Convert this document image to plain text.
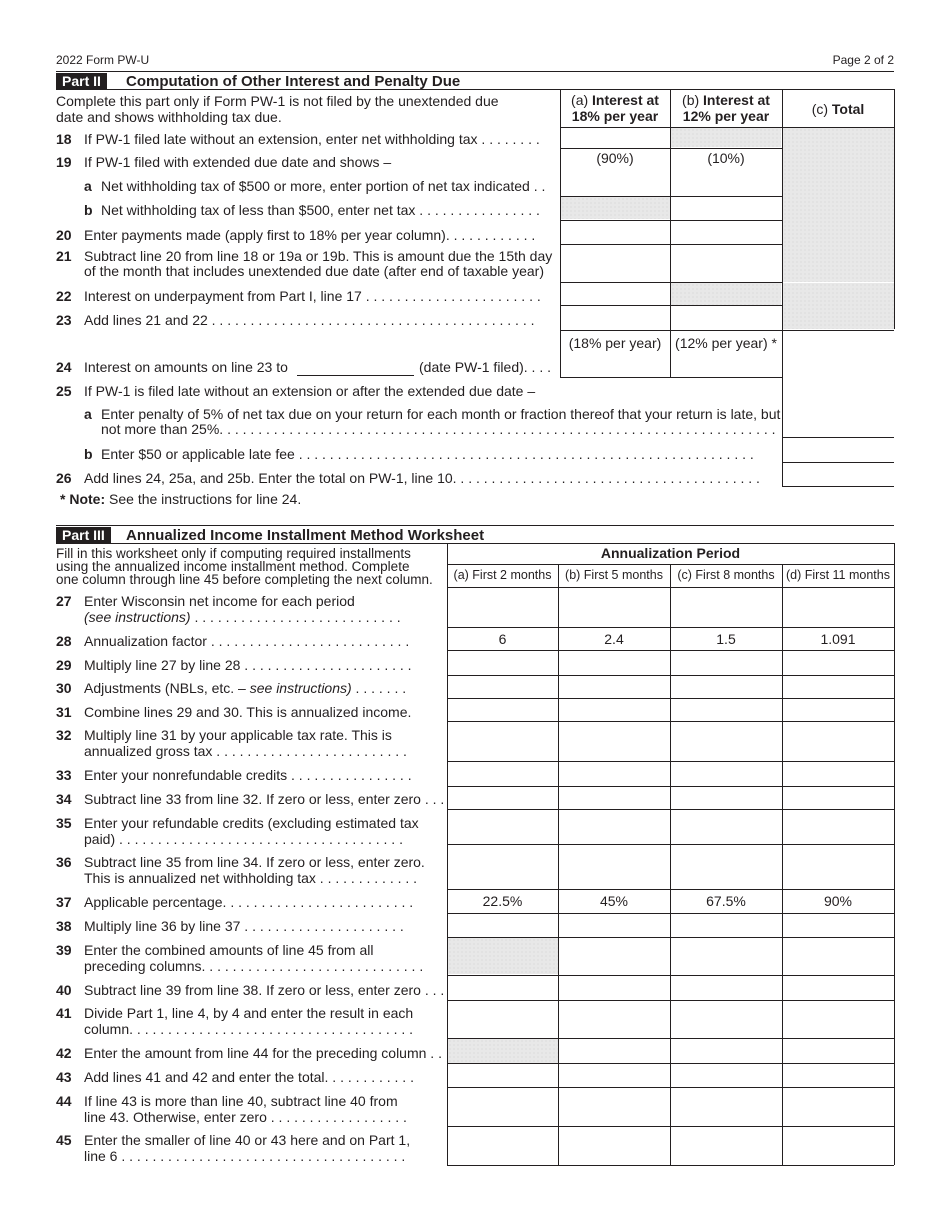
2022 Form PW-U	Page 2 of 2
Part II	Computation of Other Interest and Penalty Due
Complete this part only if Form PW-1 is not filed by the unextended due
date and shows withholding tax due.
(a) Interest at
18% per year
(b) Interest at
12% per year	(c) Total
18 If PW-1 filed late without an extension, enter net withholding tax . . . . . . . .
19 If PW-1 filed with extended due date and shows –	(90%)	(10%)
a Net withholding tax of $500 or more, enter portion of net tax indicated . .
b Net withholding tax of less than $500, enter net tax . . . . . . . . . . . . . . . .
20 Enter payments made (apply first to 18% per year column). . . . . . . . . . . .
21 Subtract line 20 from line 18 or 19a or 19b. This is amount due the 15th day
of the month that includes unextended due date (after end of taxable year)
22 Interest on underpayment from Part I, line 17 . . . . . . . . . . . . . . . . . . . . . . .
23 Add lines 21 and 22 . . . . . . . . . . . . . . . . . . . . . . . . . . . . . . . . . . . . . . . . . .
(18% per year) (12% per year) *
24 Interest on amounts on line 23 to	(date PW-1 filed). . . .
25 If PW-1 is filed late without an extension or after the extended due date –
a Enter penalty of 5% of net tax due on your return for each month or fraction thereof that your return is late, but
not more than 25%. . . . . . . . . . . . . . . . . . . . . . . . . . . . . . . . . . . . . . . . . . . . . . . . . . . . . . . . . . . . . . . . . . . . . . . .
b Enter $50 or applicable late fee . . . . . . . . . . . . . . . . . . . . . . . . . . . . . . . . . . . . . . . . . . . . . . . . . . . . . . . . . . .
26 Add lines 24, 25a, and 25b. Enter the total on PW-1, line 10. . . . . . . . . . . . . . . . . . . . . . . . . . . . . . . . . . . . . . . .
* Note: See the instructions for line 24.
Part III	Annualized Income Installment Method Worksheet
Fill in this worksheet only if computing required installments
using the annualized income installment method. Complete
one column through line 45 before completing the next column.
Annualization Period
(a) First 2 months	(b) First 5 months	(c) First 8 months (d) First 11 months
27 Enter Wisconsin net income for each period
(see instructions) . . . . . . . . . . . . . . . . . . . . . . . . . . .
28 Annualization factor . . . . . . . . . . . . . . . . . . . . . . . . . .	6	2.4	1.5	1.091
29 Multiply line 27 by line 28 . . . . . . . . . . . . . . . . . . . . . .
30 Adjustments (NBLs, etc. – see instructions) . . . . . . .
31 Combine lines 29 and 30. This is annualized income.
32 Multiply line 31 by your applicable tax rate. This is
annualized gross tax . . . . . . . . . . . . . . . . . . . . . . . . .
33 Enter your nonrefundable credits . . . . . . . . . . . . . . . .
34 Subtract line 33 from line 32. If zero or less, enter zero . . .
35 Enter your refundable credits (excluding estimated tax
paid) . . . . . . . . . . . . . . . . . . . . . . . . . . . . . . . . . . . . .
36 Subtract line 35 from line 34. If zero or less, enter zero.
This is annualized net withholding tax . . . . . . . . . . . . .
37 Applicable percentage. . . . . . . . . . . . . . . . . . . . . . . . .	22.5%	45%	67.5%	90%
38 Multiply line 36 by line 37 . . . . . . . . . . . . . . . . . . . . .
39 Enter the combined amounts of line 45 from all
preceding columns. . . . . . . . . . . . . . . . . . . . . . . . . . . . .
40 Subtract line 39 from line 38. If zero or less, enter zero . . .
41 Divide Part 1, line 4, by 4 and enter the result in each
column. . . . . . . . . . . . . . . . . . . . . . . . . . . . . . . . . . . . .
42 Enter the amount from line 44 for the preceding column . .
43 Add lines 41 and 42 and enter the total. . . . . . . . . . . .
44 If line 43 is more than line 40, subtract line 40 from
line 43. Otherwise, enter zero . . . . . . . . . . . . . . . . . .
45 Enter the smaller of line 40 or 43 here and on Part 1,
line 6 . . . . . . . . . . . . . . . . . . . . . . . . . . . . . . . . . . . . .
